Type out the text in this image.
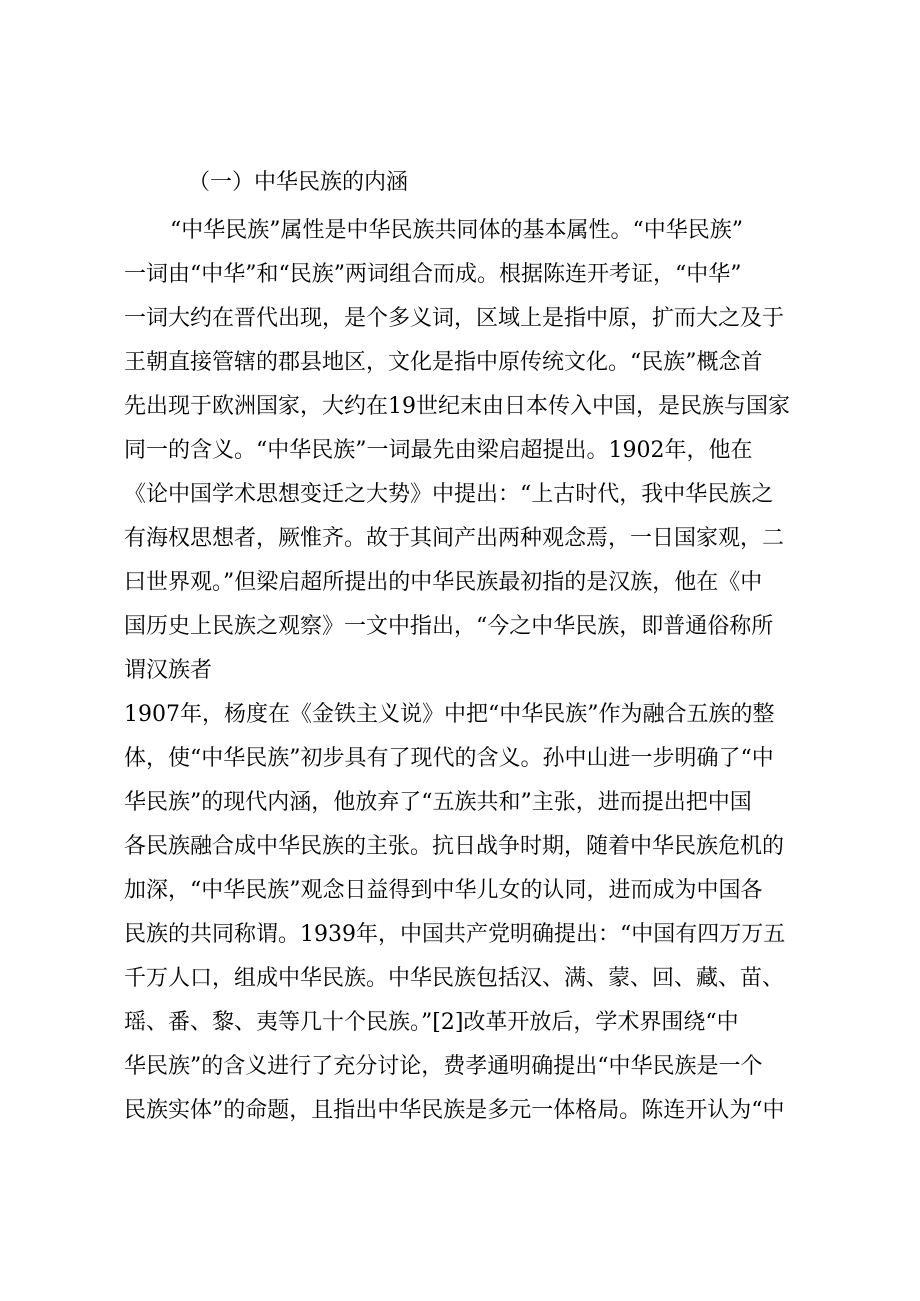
（一）中华民族的内涵
“中华民族”属性是中华民族共同体的基本属性。“中华民族”
一词由“中华”和“民族”两词组合而成。根据陈连开考证，“中华”
一词大约在晋代出现，是个多义词，区域上是指中原，扩而大之及于
王朝直接管辖的郡县地区，文化是指中原传统文化。“民族”概念首
先出现于欧洲国家，大约在19世纪末由日本传入中国，是民族与国家
同一的含义。“中华民族”一词最先由梁启超提出。1902年，他在
《论中国学术思想变迁之大势》中提出：“上古时代，我中华民族之
有海权思想者，厥惟齐。故于其间产出两种观念焉，一日国家观，二
曰世界观。”但梁启超所提出的中华民族最初指的是汉族，他在《中
国历史上民族之观察》一文中指出，“今之中华民族，即普通俗称所
谓汉族者
1907年，杨度在《金铁主义说》中把“中华民族”作为融合五族的整
体，使“中华民族”初步具有了现代的含义。孙中山进一步明确了“中
华民族”的现代内涵，他放弃了“五族共和”主张，进而提出把中国
各民族融合成中华民族的主张。抗日战争时期，随着中华民族危机的
加深，“中华民族”观念日益得到中华儿女的认同，进而成为中国各
民族的共同称谓。1939年，中国共产党明确提出：“中国有四万万五
千万人口，组成中华民族。中华民族包括汉、满、蒙、回、藏、苗、
瑶、番、黎、夷等几十个民族。”[2]改革开放后，学术界围绕“中
华民族”的含义进行了充分讨论，费孝通明确提出“中华民族是一个
民族实体”的命题，且指出中华民族是多元一体格局。陈连开认为“中
